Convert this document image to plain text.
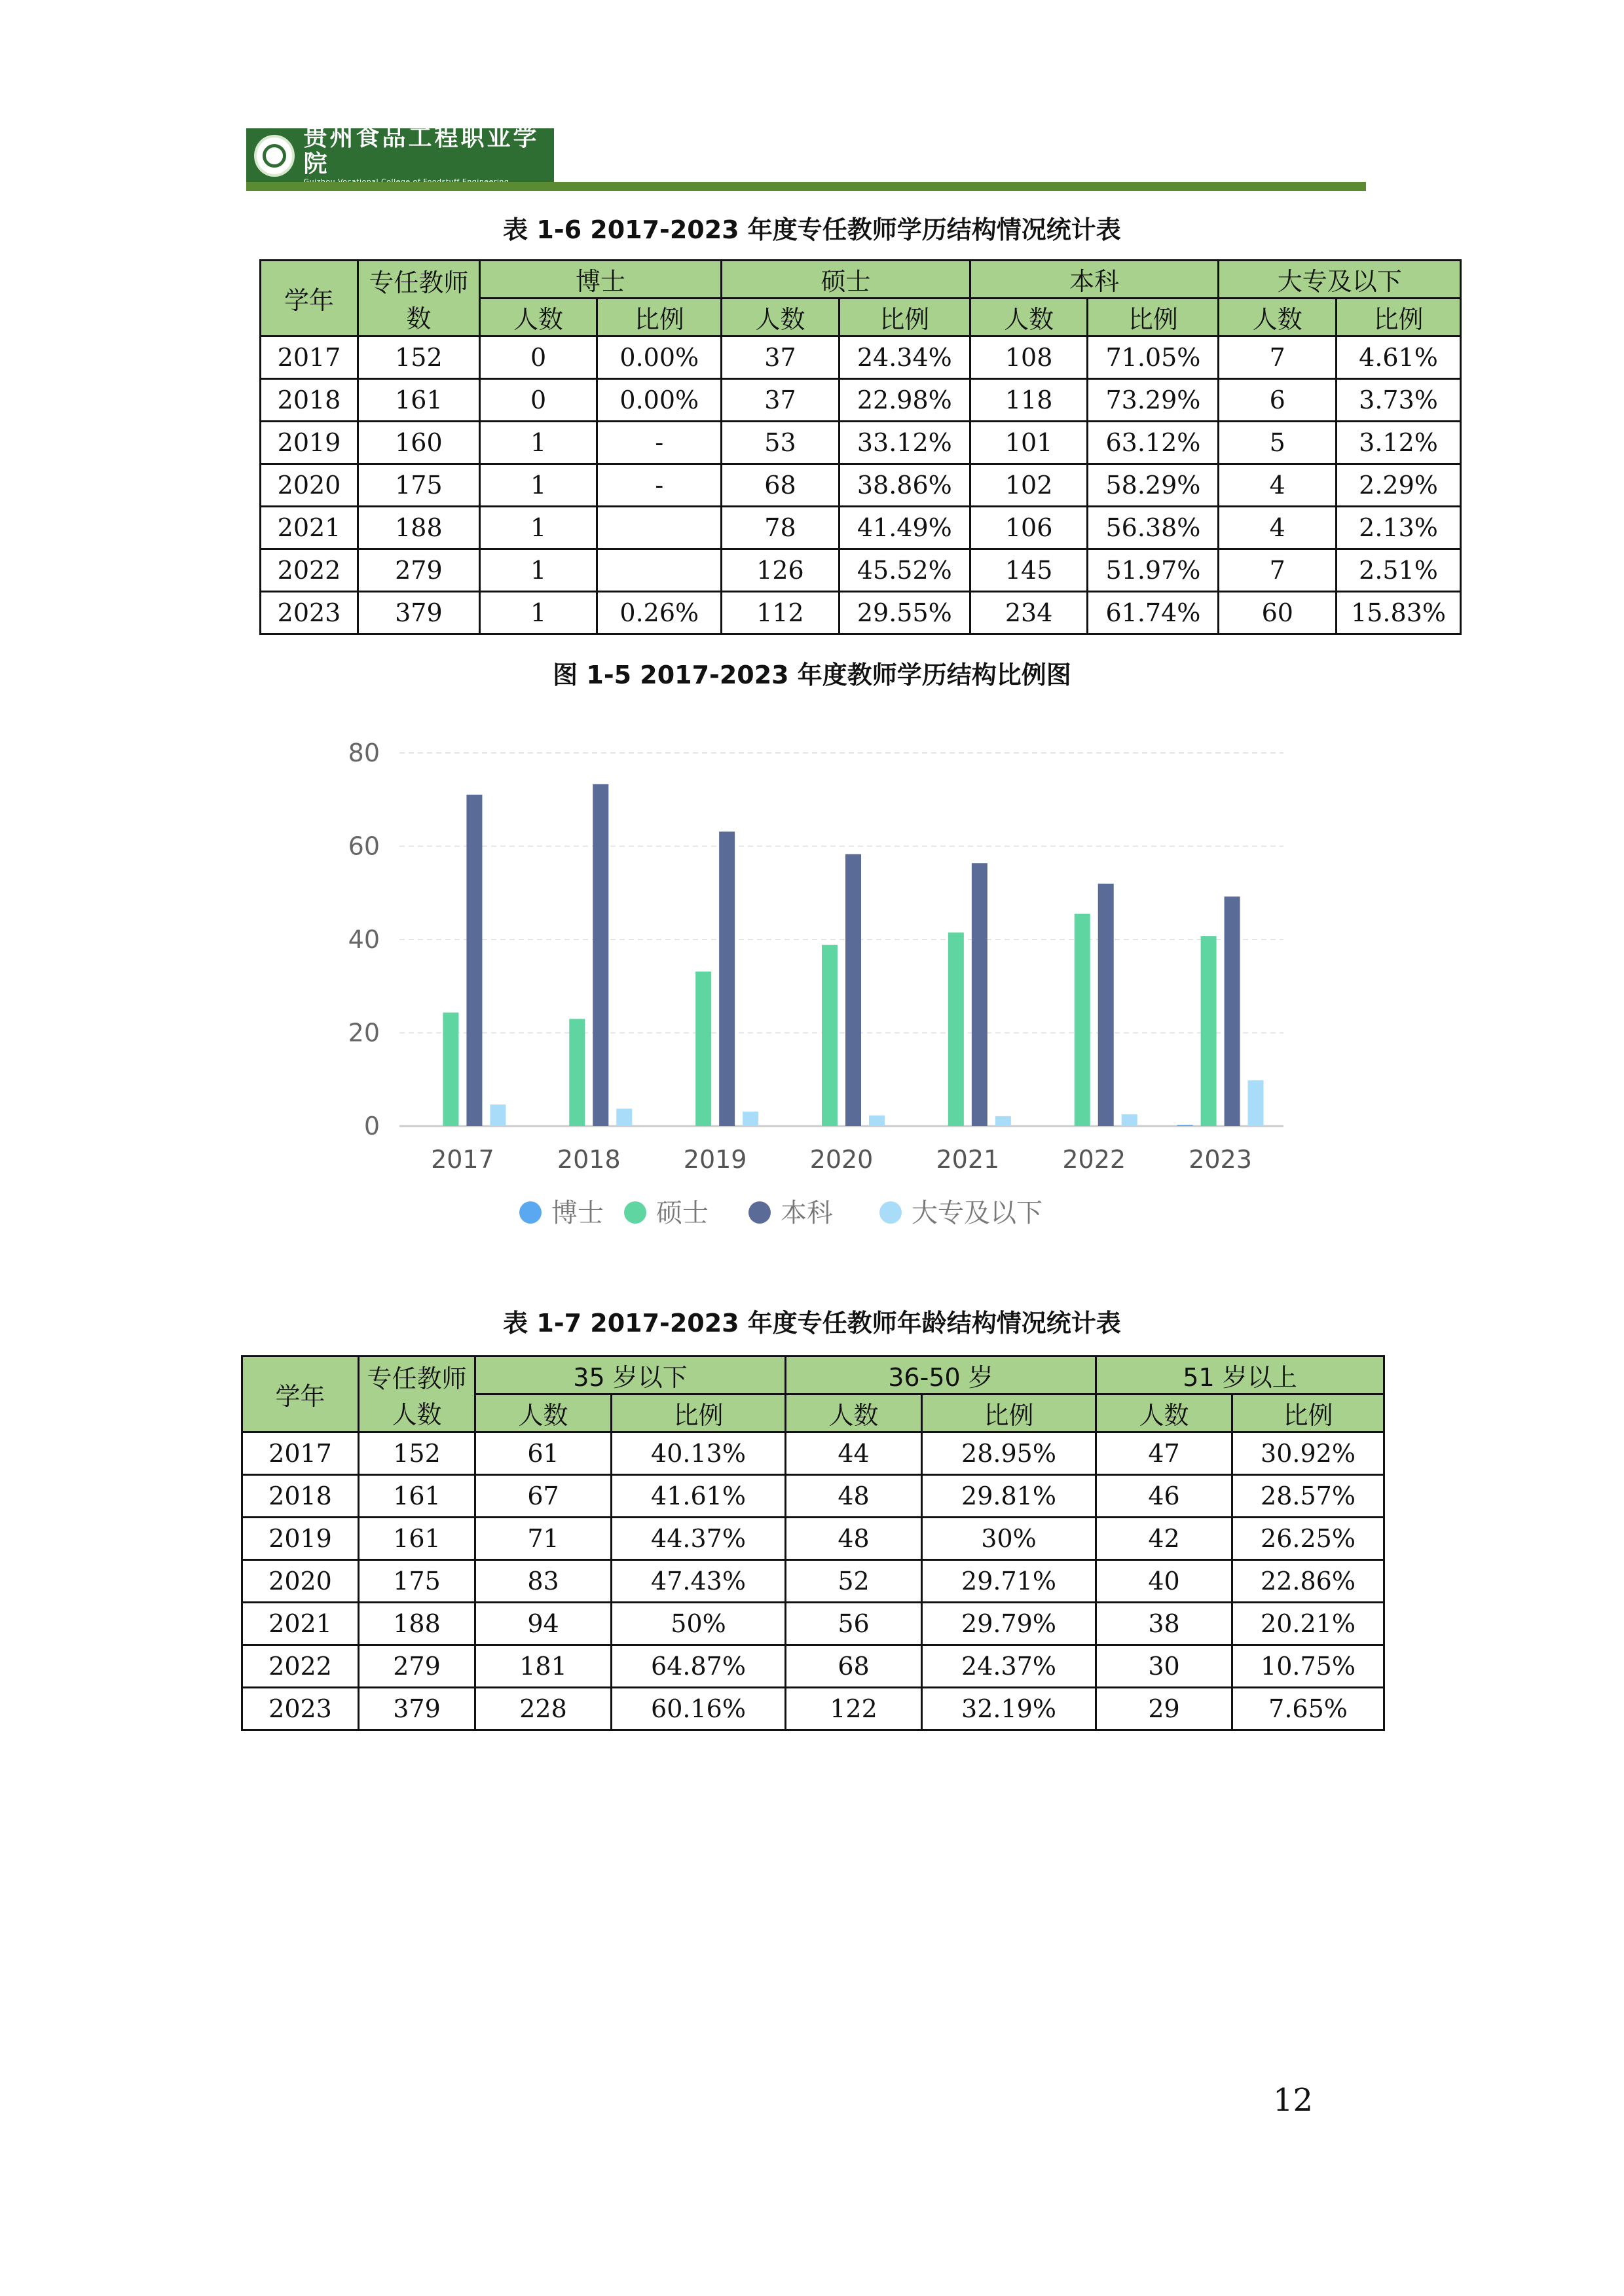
贵州食品工程职业学院
表 1-6 2017-2023 年度专任教师学历结构情况统计表
学年	专任教师数	博士		硕士		本科		大专及以下	
		人数	比例	人数	比例	人数	比例	人数	比例
2017	152	0	0.00%	37	24.34%	108	71.05%	7	4.61%
2018	161	0	0.00%	37	22.98%	118	73.29%	6	3.73%
2019	160	1	-	53	33.12%	101	63.12%	5	3.12%
2020	175	1	-	68	38.86%	102	58.29%	4	2.29%
2021	188	1		78	41.49%	106	56.38%	4	2.13%
2022	279	1		126	45.52%	145	51.97%	7	2.51%
2023	379	1	0.26%	112	29.55%	234	61.74%	60	15.83%
图 1-5 2017-2023 年度教师学历结构比例图
0
20
40
60
80
2017	2018	2019	2020	2021	2022	2023
博士 硕士	本科	大专及以下
表 1-7 2017-2023 年度专任教师年龄结构情况统计表
学年	专任教师人数	35 岁以下		36-50 岁		51 岁以上	
		人数	比例	人数	比例	人数	比例
2017	152	61	40.13%	44	28.95%	47	30.92%
2018	161	67	41.61%	48	29.81%	46	28.57%
2019	161	71	44.37%	48	30%	42	26.25%
2020	175	83	47.43%	52	29.71%	40	22.86%
2021	188	94	50%	56	29.79%	38	20.21%
2022	279	181	64.87%	68	24.37%	30	10.75%
2023	379	228	60.16%	122	32.19%	29	7.65%
12
